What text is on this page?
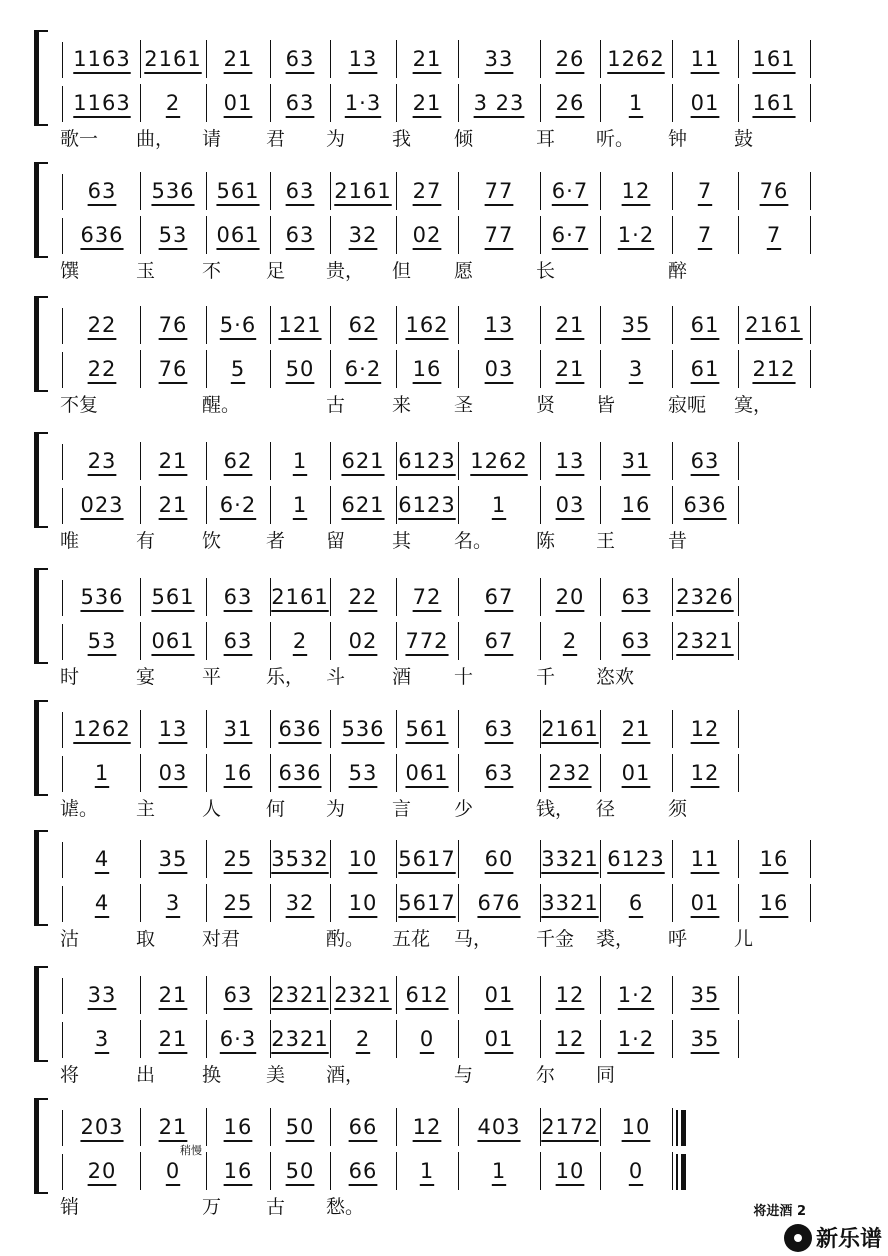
1163 2161 21 63 13 21 33 26 1262 11 161
1163 2 01 63 1·3 21 3 23 26 1 01 161
歌一 曲， 请 君 为 我 倾	耳 听。 钟 鼓
63 536 561 63 2161 27 77 6·7 12 7 76
636 53 061 63 32 02 77 6·7 1·2 7	7
馔	玉 不 足 贵， 但 愿	长	醉
22 76 5·6 121 62 162 13 21 35 61 2161
22 76 5 50 6·2 16 03 21 3 61 212
不复	醒。	古 来 圣	贤 皆	寂呃 寞，
23 21 62 1 621 6123 1262 13 31 63
023 21 6·2 1 621 6123 1 03 16 636
唯	有 饮 者 留 其 名。 陈 王	昔
536 561 63 2161 22 72 67 20 63 2326
53 061 63 2 02 772 67 2 63 2321
时	宴 平 乐， 斗 酒 十	千 恣欢
1262 13 31 636 536 561 63 2161 21 12
1 03 16 636 53 061 63 232 01 12
谑。 主 人 何 为 言 少	钱， 径	须
4 35 25 3532 10 5617 60 3321 6123 11 16
4	3 25 32 10 5617 676 3321 6 01 16
沽	取 对君	酌。 五花 马， 千金 裘， 呼 儿
33 21 63 2321 2321 612 01 12 1·2 35
3 21 6·3 2321 2 0 01 12 1·2 35
将	出 换 美 酒，	与	尔 同
203 21 16 50 66 12 403 2172 10
20 0 16 50 66 1	1 10 0
销	万 古 愁。
稍慢
将进酒 2
新乐谱
